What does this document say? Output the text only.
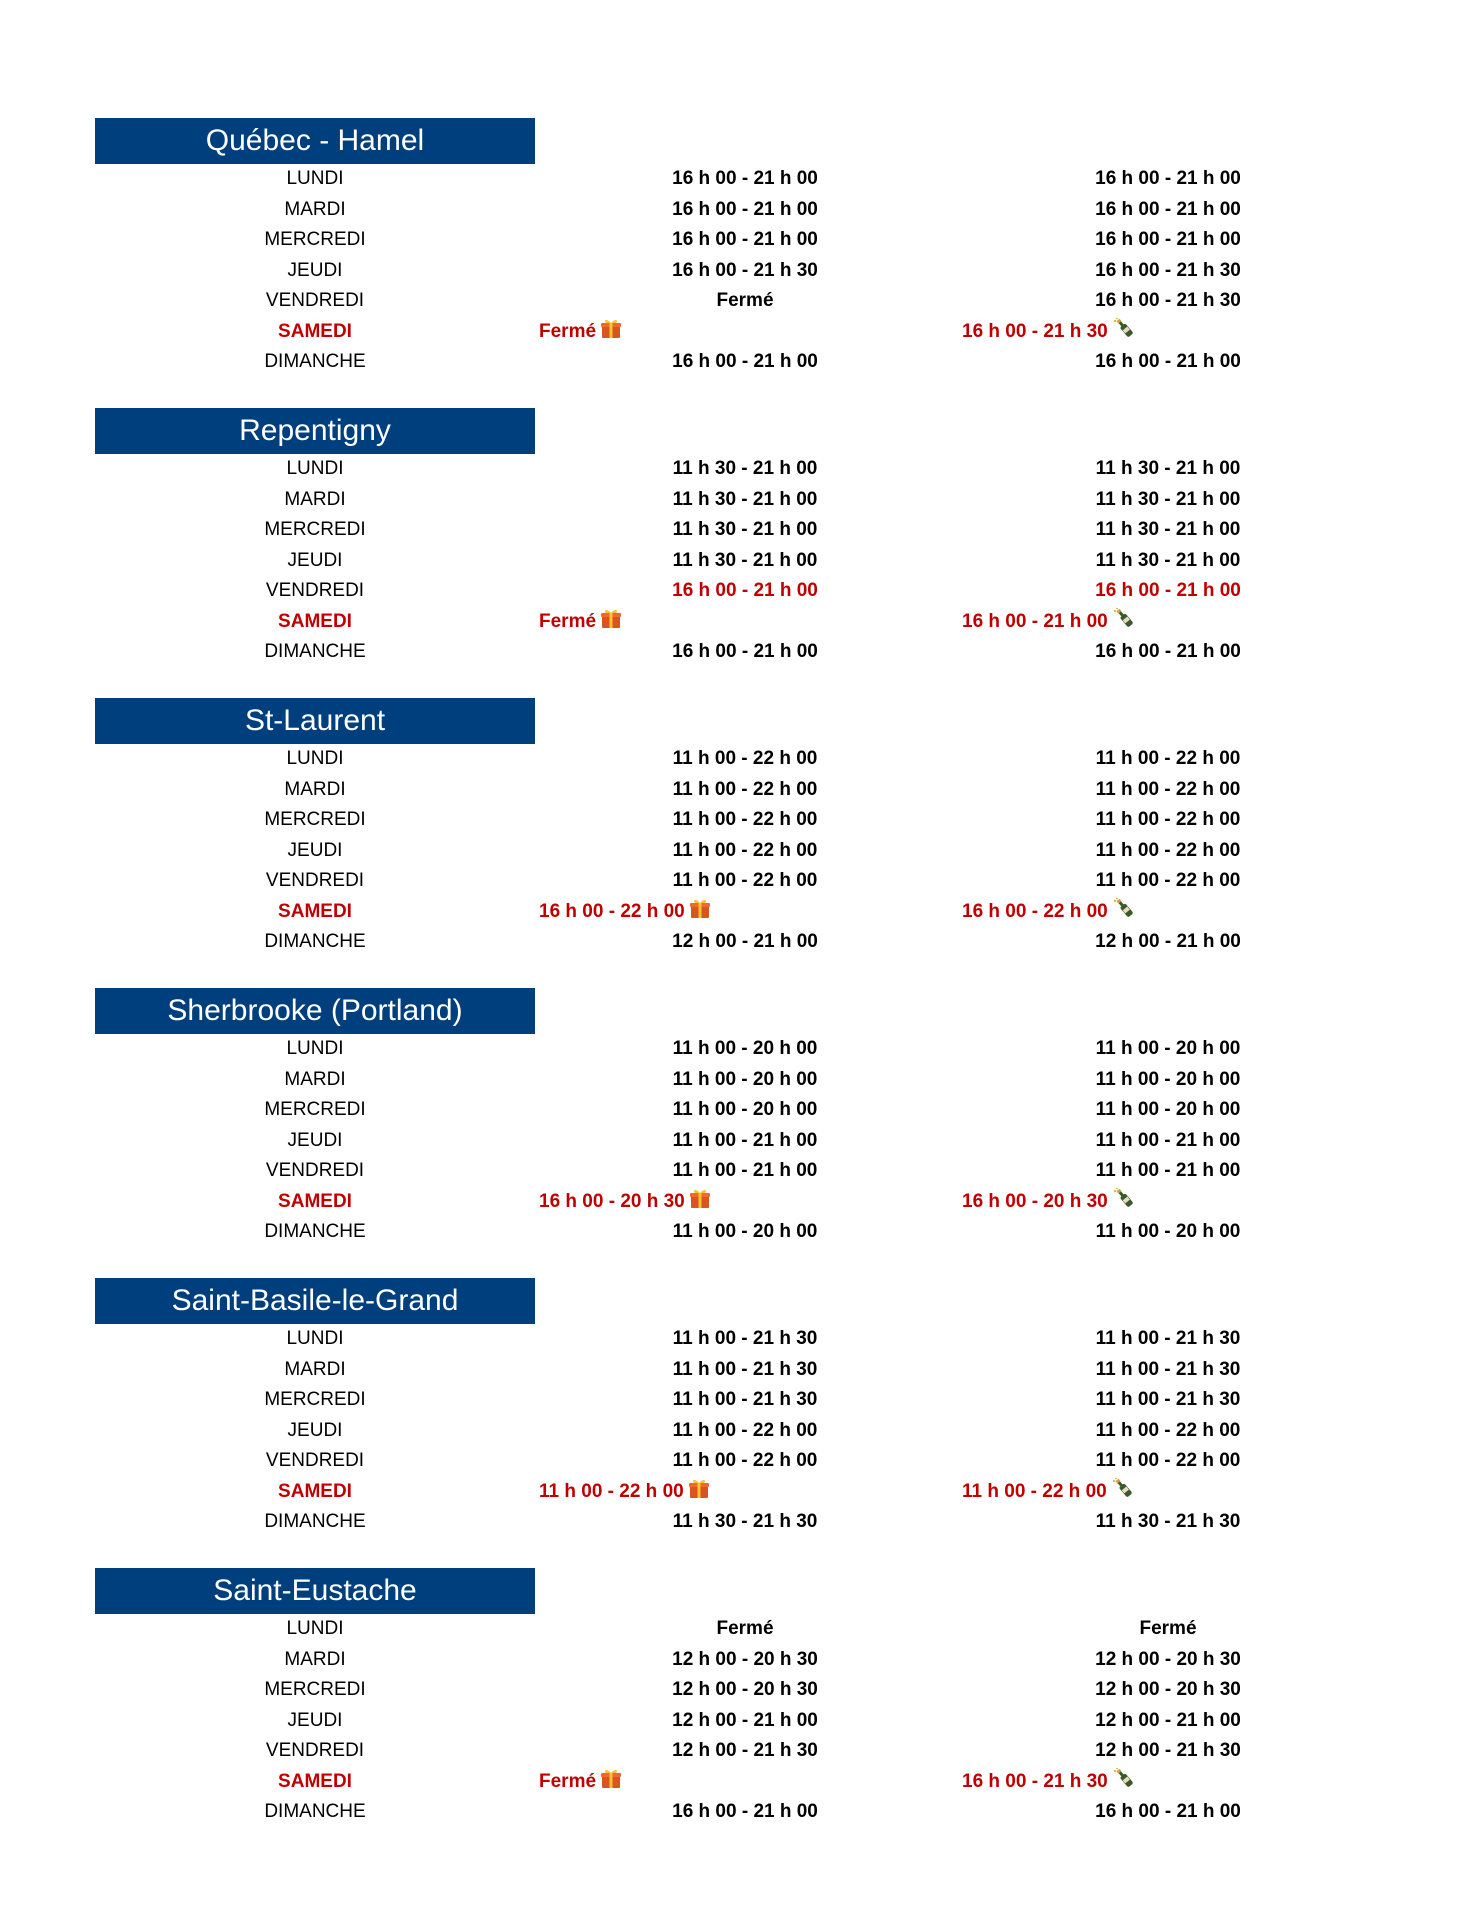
Québec - Hamel
LUNDI	16 h 00 - 21 h 00	16 h 00 - 21 h 00
MARDI	16 h 00 - 21 h 00	16 h 00 - 21 h 00
MERCREDI	16 h 00 - 21 h 00	16 h 00 - 21 h 00
JEUDI	16 h 00 - 21 h 30	16 h 00 - 21 h 30
VENDREDI	Fermé	16 h 00 - 21 h 30
SAMEDI	Fermé	16 h 00 - 21 h 30
DIMANCHE	16 h 00 - 21 h 00	16 h 00 - 21 h 00
Repentigny
LUNDI	11 h 30 - 21 h 00	11 h 30 - 21 h 00
MARDI	11 h 30 - 21 h 00	11 h 30 - 21 h 00
MERCREDI	11 h 30 - 21 h 00	11 h 30 - 21 h 00
JEUDI	11 h 30 - 21 h 00	11 h 30 - 21 h 00
VENDREDI	16 h 00 - 21 h 00	16 h 00 - 21 h 00
SAMEDI	Fermé	16 h 00 - 21 h 00
DIMANCHE	16 h 00 - 21 h 00	16 h 00 - 21 h 00
St-Laurent
LUNDI	11 h 00 - 22 h 00	11 h 00 - 22 h 00
MARDI	11 h 00 - 22 h 00	11 h 00 - 22 h 00
MERCREDI	11 h 00 - 22 h 00	11 h 00 - 22 h 00
JEUDI	11 h 00 - 22 h 00	11 h 00 - 22 h 00
VENDREDI	11 h 00 - 22 h 00	11 h 00 - 22 h 00
SAMEDI	16 h 00 - 22 h 00	16 h 00 - 22 h 00
DIMANCHE	12 h 00 - 21 h 00	12 h 00 - 21 h 00
Sherbrooke (Portland)
LUNDI	11 h 00 - 20 h 00	11 h 00 - 20 h 00
MARDI	11 h 00 - 20 h 00	11 h 00 - 20 h 00
MERCREDI	11 h 00 - 20 h 00	11 h 00 - 20 h 00
JEUDI	11 h 00 - 21 h 00	11 h 00 - 21 h 00
VENDREDI	11 h 00 - 21 h 00	11 h 00 - 21 h 00
SAMEDI	16 h 00 - 20 h 30	16 h 00 - 20 h 30
DIMANCHE	11 h 00 - 20 h 00	11 h 00 - 20 h 00
Saint-Basile-le-Grand
LUNDI	11 h 00 - 21 h 30	11 h 00 - 21 h 30
MARDI	11 h 00 - 21 h 30	11 h 00 - 21 h 30
MERCREDI	11 h 00 - 21 h 30	11 h 00 - 21 h 30
JEUDI	11 h 00 - 22 h 00	11 h 00 - 22 h 00
VENDREDI	11 h 00 - 22 h 00	11 h 00 - 22 h 00
SAMEDI	11 h 00 - 22 h 00	11 h 00 - 22 h 00
DIMANCHE	11 h 30 - 21 h 30	11 h 30 - 21 h 30
Saint-Eustache
LUNDI	Fermé	Fermé
MARDI	12 h 00 - 20 h 30	12 h 00 - 20 h 30
MERCREDI	12 h 00 - 20 h 30	12 h 00 - 20 h 30
JEUDI	12 h 00 - 21 h 00	12 h 00 - 21 h 00
VENDREDI	12 h 00 - 21 h 30	12 h 00 - 21 h 30
SAMEDI	Fermé	16 h 00 - 21 h 30
DIMANCHE	16 h 00 - 21 h 00	16 h 00 - 21 h 00
